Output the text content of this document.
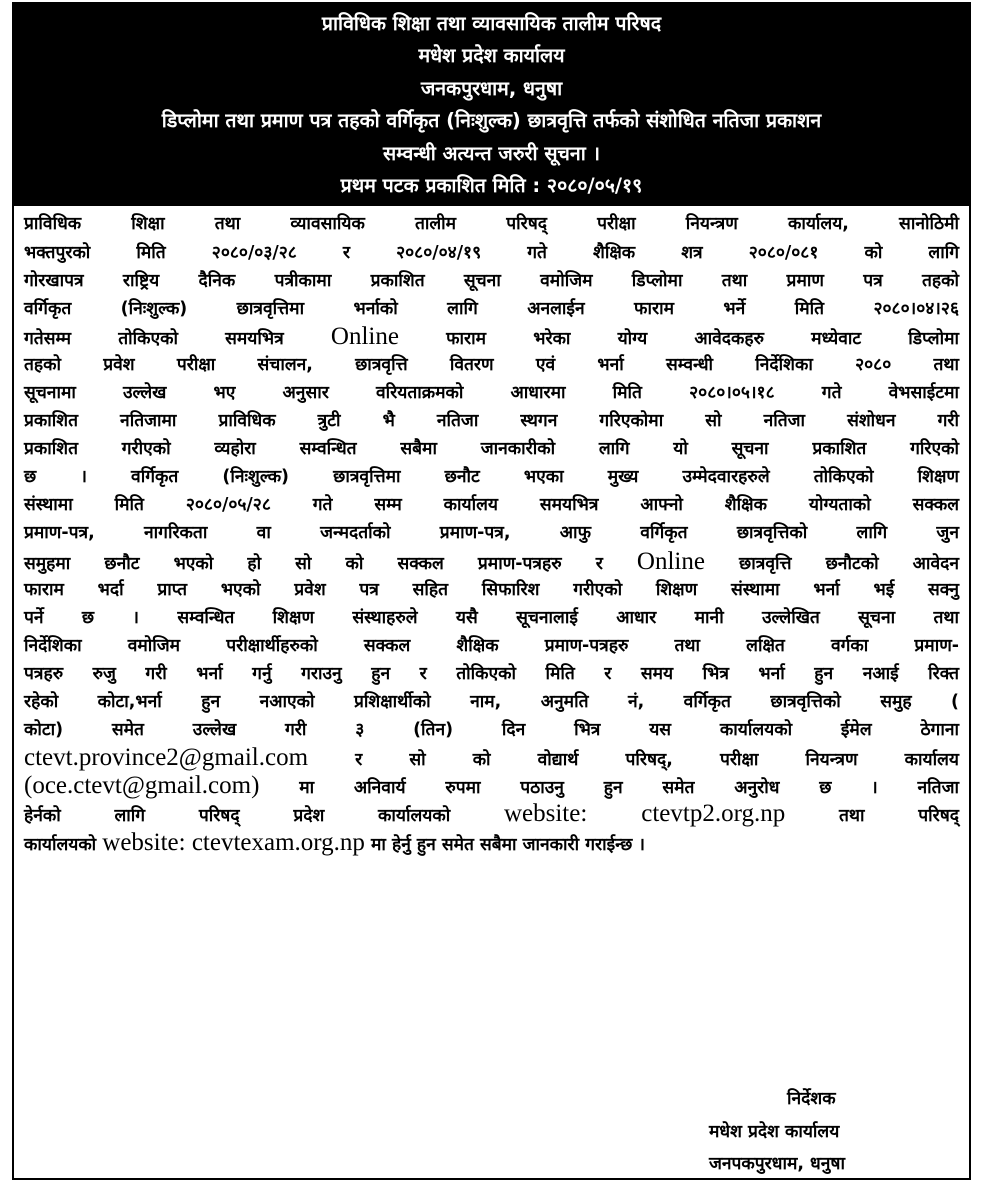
प्राविधिक शिक्षा तथा व्यावसायिक तालीम परिषद
मधेश प्रदेश कार्यालय
जनकपुरधाम, धनुषा
डिप्लोमा तथा प्रमाण पत्र तहको वर्गिकृत (निःशुल्क) छात्रवृत्ति तर्फको संशोधित नतिजा प्रकाशन
सम्वन्धी अत्यन्त जरुरी सूचना ।
प्रथम पटक प्रकाशित मिति : २०८०/०५/१९
प्राविधिक शिक्षा तथा व्यावसायिक तालीम परिषद् परीक्षा नियन्त्रण कार्यालय, सानोठिमी
भक्तपुरको मिति २०८०/०३/२८ र २०८०/०४/१९ गते शैक्षिक शत्र २०८०/०८१ को लागि
गोरखापत्र राष्ट्रिय दैनिक पत्रीकामा प्रकाशित सूचना वमोजिम डिप्लोमा तथा प्रमाण पत्र तहको
वर्गिकृत (निःशुल्क) छात्रवृत्तिमा भर्नाको लागि अनलाईन फाराम भर्ने मिति २०८०।०४।२६
गतेसम्म तोकिएको समयभित्र Online	फाराम भरेका योग्य आवेदकहरु मध्येवाट डिप्लोमा
तहको प्रवेश परीक्षा संचालन, छात्रवृत्ति वितरण एवं भर्ना सम्वन्धी निर्देशिका २०८० तथा
सूचनामा उल्लेख भए अनुसार वरियताक्रमको आधारमा मिति २०८०।०५।१८ गते वेभसाईटमा
प्रकाशित नतिजामा प्राविधिक त्रुटी भै नतिजा स्थगन गरिएकोमा सो नतिजा संशोधन गरी
प्रकाशित गरीएको व्यहोरा सम्वन्धित सबैमा जानकारीको लागि यो सूचना प्रकाशित गरिएको
छ । वर्गिकृत (निःशुल्क) छात्रवृत्तिमा छनौट भएका मुख्य उम्मेदवारहरुले तोकिएको शिक्षण
संस्थामा मिति २०८०/०५/२८ गते सम्म कार्यालय समयभित्र आफ्नो शैक्षिक योग्यताको सक्कल
प्रमाण-पत्र, नागरिकता वा जन्मदर्ताको प्रमाण-पत्र, आफु वर्गिकृत छात्रवृत्तिको लागि जुन
समुहमा छनौट भएको हो सो को सक्कल प्रमाण-पत्रहरु र Online छात्रवृत्ति छनौटको आवेदन
फाराम भर्दा प्राप्त भएको प्रवेश पत्र सहित सिफारिश गरीएको शिक्षण संस्थामा भर्ना भई सक्नु
पर्ने छ । सम्वन्धित शिक्षण संस्थाहरुले यसै सूचनालाई आधार मानी उल्लेखित सूचना तथा
निर्देशिका वमोजिम परीक्षार्थीहरुको सक्कल शैक्षिक प्रमाण-पत्रहरु तथा लक्षित वर्गका प्रमाण-
पत्रहरु रुजु गरी भर्ना गर्नु गराउनु हुन र तोकिएको मिति र समय भित्र भर्ना हुन नआई रिक्त
रहेको कोटा,भर्ना हुन नआएको प्रशिक्षार्थीको नाम, अनुमति नं, वर्गिकृत छात्रवृत्तिको समुह (
कोटा) समेत उल्लेख गरी ३ (तिन) दिन भित्र यस कार्यालयको ईमेल ठेगाना
ctevt.province2@gmail.com	र सो को वोद्यार्थ परिषद्, परीक्षा नियन्त्रण कार्यालय
(oce.ctevt@gmail.com) मा अनिवार्य रुपमा पठाउनु हुन समेत अनुरोध छ । नतिजा
हेर्नको लागि परिषद् प्रदेश कार्यालयको website: ctevtp2.org.np	तथा परिषद्
कार्यालयको website: ctevtexam.org.np मा हेर्नु हुन समेत सबैमा जानकारी गराईन्छ ।
निर्देशक
मधेश प्रदेश कार्यालय
जनपकपुरधाम, धनुषा
